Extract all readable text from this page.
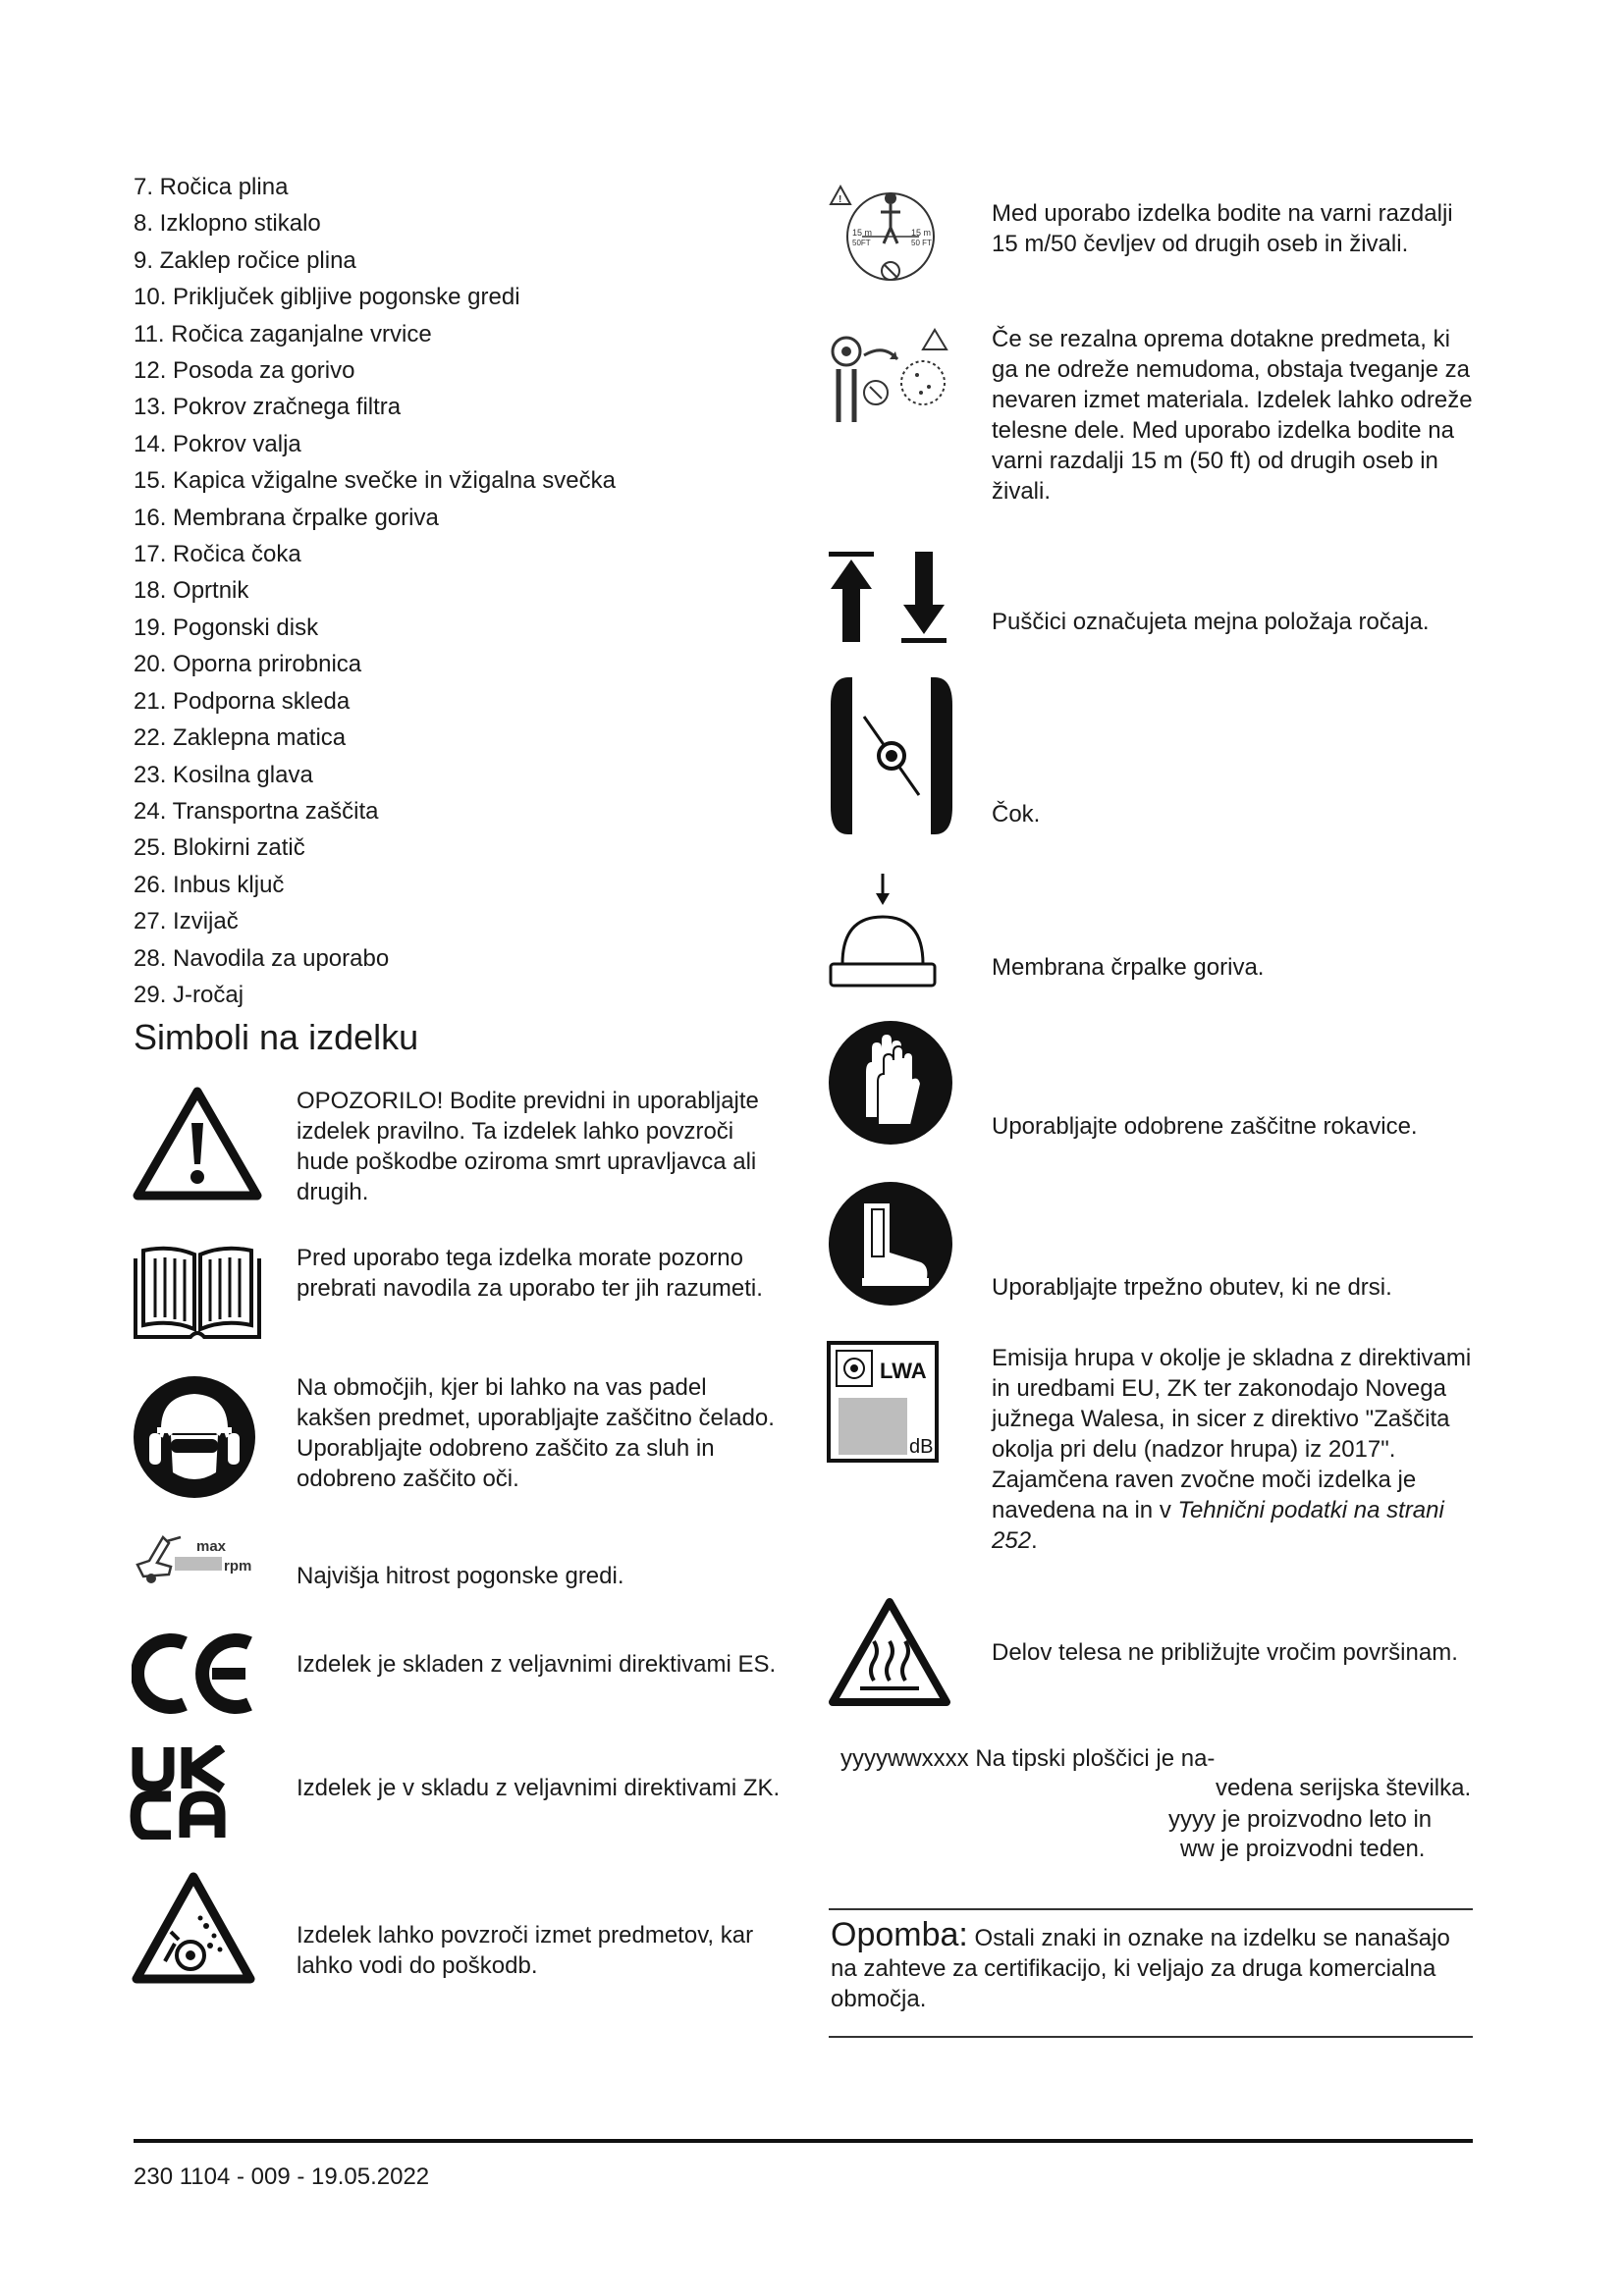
7. Ročica plina
8. Izklopno stikalo
9. Zaklep ročice plina
10. Priključek gibljive pogonske gredi
11. Ročica zaganjalne vrvice
12. Posoda za gorivo
13. Pokrov zračnega filtra
14. Pokrov valja
15. Kapica vžigalne svečke in vžigalna svečka
16. Membrana črpalke goriva
17. Ročica čoka
18. Oprtnik
19. Pogonski disk
20. Oporna prirobnica
21. Podporna skleda
22. Zaklepna matica
23. Kosilna glava
24. Transportna zaščita
25. Blokirni zatič
26. Inbus ključ
27. Izvijač
28. Navodila za uporabo
29. J-ročaj
Simboli na izdelku
OPOZORILO! Bodite previdni in uporabljajte izdelek pravilno. Ta izdelek lahko povzroči hude poškodbe oziroma smrt upravljavca ali drugih.
Pred uporabo tega izdelka morate pozorno prebrati navodila za uporabo ter jih razumeti.
Na območjih, kjer bi lahko na vas padel kakšen predmet, uporabljajte zaščitno čelado. Uporabljajte odobreno zaščito za sluh in odobreno zaščito oči.
max
rpm Najvišja hitrost pogonske gredi.
Izdelek je skladen z veljavnimi direktivami ES.
Izdelek je v skladu z veljavnimi direktivami ZK.
Izdelek lahko povzroči izmet predmetov, kar lahko vodi do poškodb.
!
15 m
50FT
15 m
50 FT
Med uporabo izdelka bodite na varni razdalji 15 m/50 čevljev od drugih oseb in živali.
Če se rezalna oprema dotakne predmeta, ki ga ne odreže nemudoma, obstaja tveganje za nevaren izmet materiala. Izdelek lahko odreže telesne dele. Med uporabo izdelka bodite na varni razdalji 15 m (50 ft) od drugih oseb in živali.
Puščici označujeta mejna položaja ročaja.
Čok.
Membrana črpalke goriva.
Uporabljajte odobrene zaščitne rokavice.
Uporabljajte trpežno obutev, ki ne drsi.
LWA
dB
Emisija hrupa v okolje je skladna z direktivami in uredbami EU, ZK ter zakonodajo Novega južnega Walesa, in sicer z direktivo "Zaščita okolja pri delu (nadzor hrupa) iz 2017". Zajamčena raven zvočne moči izdelka je navedena na in v Tehnični podatki na strani 252.
Delov telesa ne približujte vročim površinam.
yyyywwxxxx Na tipski ploščici je na-
vedena serijska številka.
yyyy je proizvodno leto in
ww je proizvodni teden.
Opomba: Ostali znaki in oznake na izdelku se nanašajo na zahteve za certifikacijo, ki veljajo za druga komercialna območja.
230 1104 - 009 - 19.05.2022
